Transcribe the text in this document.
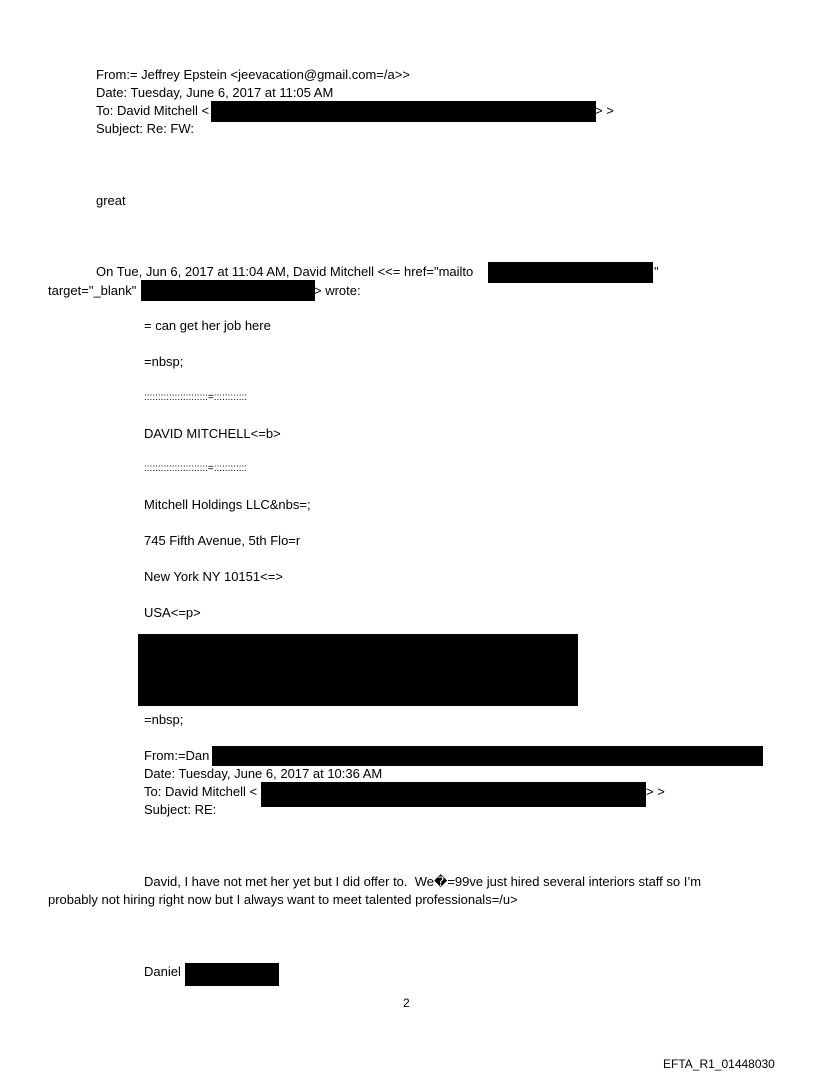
From:= Jeffrey Epstein <jeevacation@gmail.com=/a>>
Date: Tuesday, June 6, 2017 at 11:05 AM
To: David Mitchell <	> >
Subject: Re: FW:
great
On Tue, Jun 6, 2017 at 11:04 AM, David Mitchell <<= href="mailto	"
target="_blank"	> wrote:
= can get her job here
=nbsp;
:::::::::::::::::::::::=::::::::::::
DAVID MITCHELL<=b>
:::::::::::::::::::::::=::::::::::::
Mitchell Holdings LLC&nbs=;
745 Fifth Avenue, 5th Flo=r
New York NY 10151<=>
USA<=p>
=nbsp;
From:=Dan
Date: Tuesday, June 6, 2017 at 10:36 AM
To: David Mitchell <	> >
Subject: RE:
David, I have not met her yet but I did offer to.  We�=99ve just hired several interiors staff so I’m
probably not hiring right now but I always want to meet talented professionals=/u>
Daniel
2
EFTA_R1_01448030
